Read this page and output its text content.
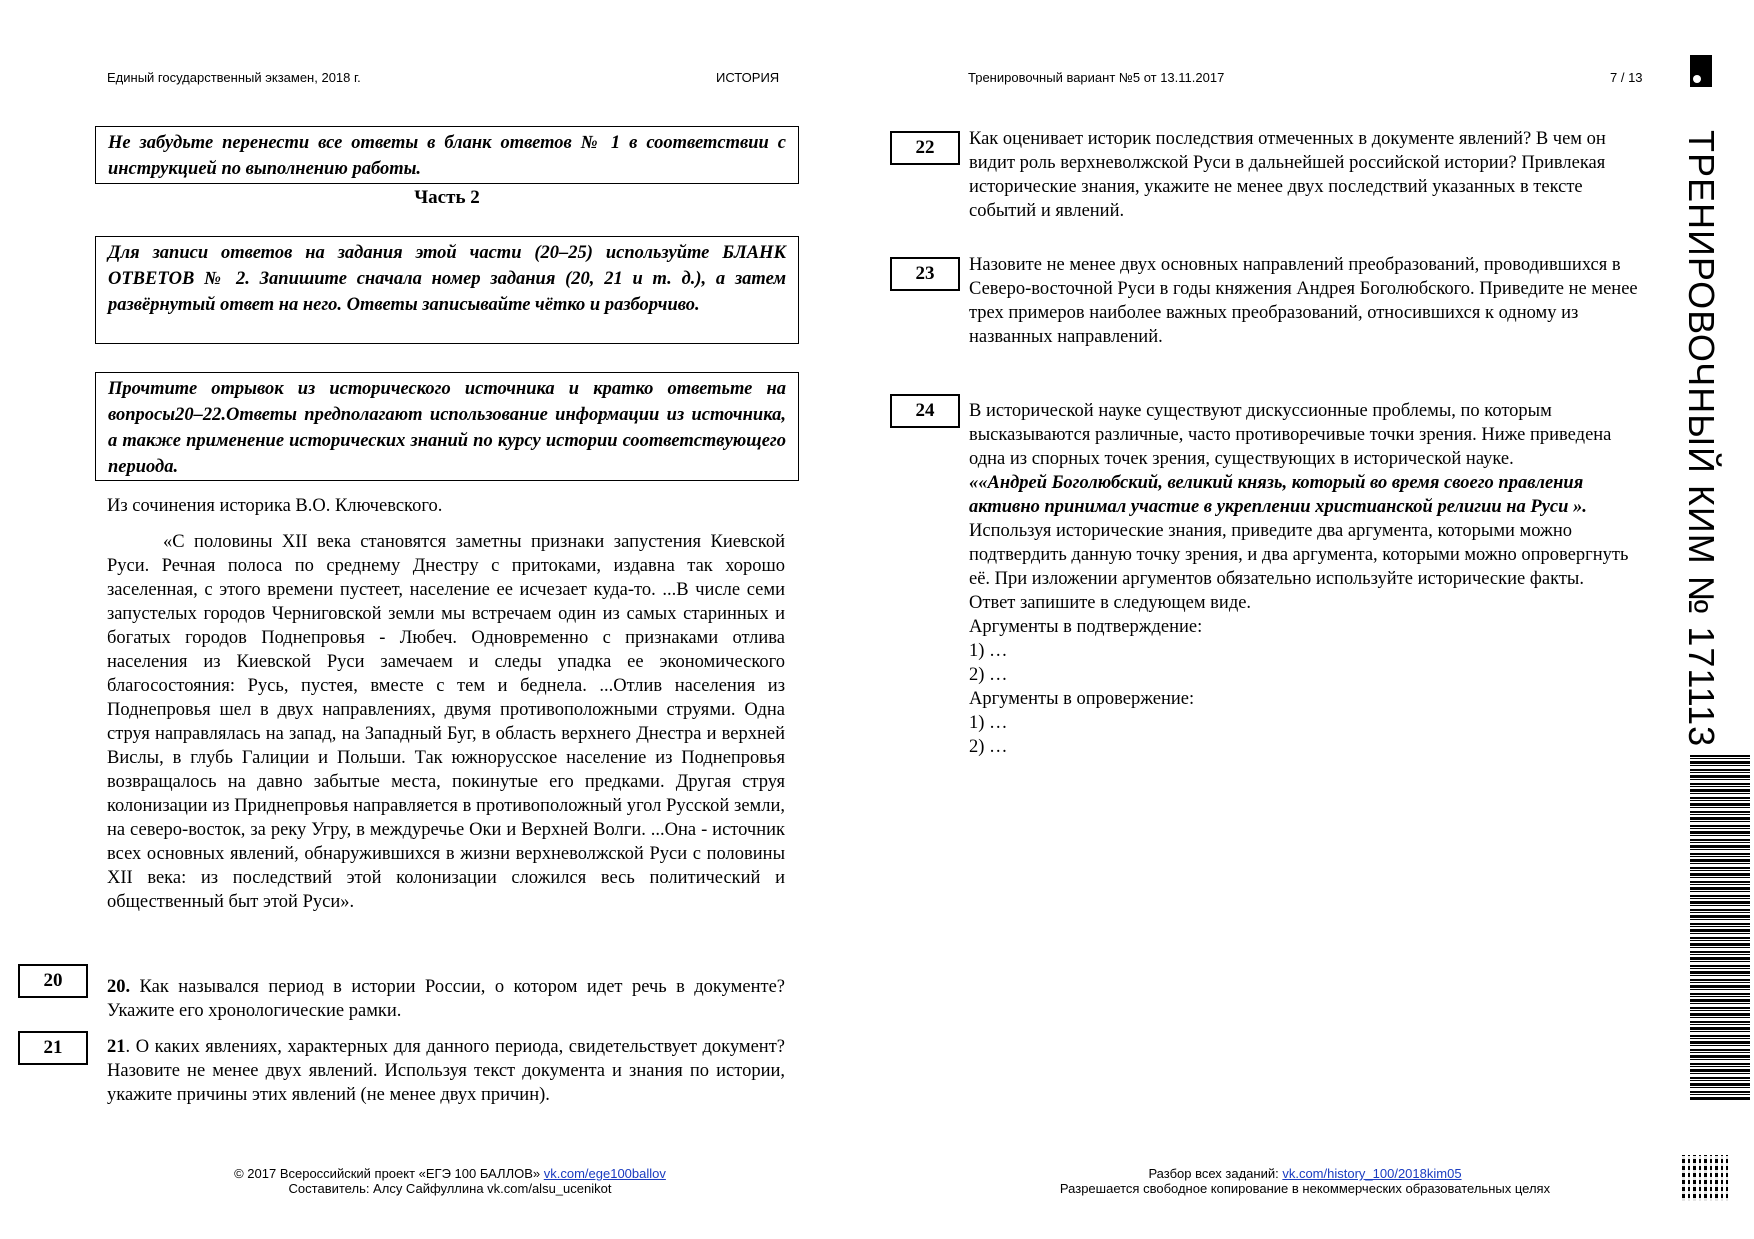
Единый государственный экзамен, 2018 г.	ИСТОРИЯ	Тренировочный вариант №5 от 13.11.2017	7 / 13
ТРЕНИРОВОЧНЫЙ КИМ № 171113
Не забудьте перенести все ответы в бланк ответов № 1 в соответствии с инструкцией по выполнению работы.
Часть 2
Для записи ответов на задания этой части (20–25) используйте БЛАНК ОТВЕТОВ № 2. Запишите сначала номер задания (20, 21 и т. д.), а затем развёрнутый ответ на него. Ответы записывайте чётко и разборчиво.
Прочтите отрывок из исторического источника и кратко ответьте на вопросы20–22.Ответы предполагают использование информации из источника, а также применение исторических знаний по курсу истории соответствующего периода.
Из сочинения историка В.О. Ключевского.
«С половины XII века становятся заметны признаки запустения Киевской Руси. Речная полоса по среднему Днестру с притоками, издавна так хорошо заселенная, с этого времени пустеет, население ее исчезает куда-то. ...В числе семи запустелых городов Черниговской земли мы встречаем один из самых старинных и богатых городов Поднепровья - Любеч. Одновременно с признаками отлива населения из Киевской Руси замечаем и следы упадка ее экономического благосостояния: Русь, пустея, вместе с тем и беднела. ...Отлив населения из Поднепровья шел в двух направлениях, двумя противоположными струями. Одна струя направлялась на запад, на Западный Буг, в область верхнего Днестра и верхней Вислы, в глубь Галиции и Польши. Так южнорусское население из Поднепровья возвращалось на давно забытые места, покинутые его предками. Другая струя колонизации из Приднепровья направляется в противоположный угол Русской земли, на северо-восток, за реку Угру, в междуречье Оки и Верхней Волги. ...Она - источник всех основных явлений, обнаружившихся в жизни верхневолжской Руси с половины XII века: из последствий этой колонизации сложился весь политический и общественный быт этой Руси».
20	20. Как назывался период в истории России, о котором идет речь в документе? Укажите его хронологические рамки.
21	21. О каких явлениях, характерных для данного периода, свидетельствует документ? Назовите не менее двух явлений. Используя текст документа и знания по истории, укажите причины этих явлений (не менее двух причин).
22	Как оценивает историк последствия отмеченных в документе явлений? В чем он видит роль верхневолжской Руси в дальнейшей российской истории? Привлекая исторические знания, укажите не менее двух последствий указанных в тексте событий и явлений.
23	Назовите не менее двух основных направлений преобразований, проводившихся в Северо-восточной Руси в годы княжения Андрея Боголюбского. Приведите не менее трех примеров наиболее важных преобразований, относившихся к одному из названных направлений.
24	В исторической науке существуют дискуссионные проблемы, по которым высказываются различные, часто противоречивые точки зрения. Ниже приведена одна из спорных точек зрения, существующих в исторической науке.
««Андрей Боголюбский, великий князь, который во время своего правления активно принимал участие в укреплении христианской религии на Руси ». Используя исторические знания, приведите два аргумента, которыми можно подтвердить данную точку зрения, и два аргумента, которыми можно опровергнуть её. При изложении аргументов обязательно используйте исторические факты.
Ответ запишите в следующем виде.
Аргументы в подтверждение:
1) …
2) …
Аргументы в опровержение:
1) …
2) …
© 2017 Всероссийский проект «ЕГЭ 100 БАЛЛОВ» vk.com/ege100ballov
Составитель: Алсу Сайфуллина vk.com/alsu_ucenikot
Разбор всех заданий: vk.com/history_100/2018kim05
Разрешается свободное копирование в некоммерческих образовательных целях
